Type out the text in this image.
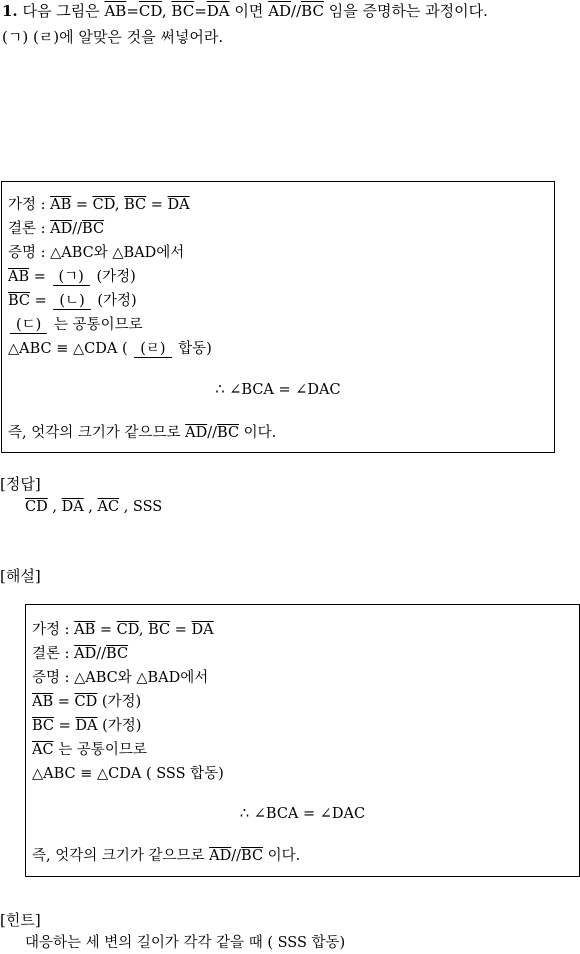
1. 다음 그림은 $\overline{AB}=\overline{CD}$, $\overline{BC}=\overline{DA}$ 이면 $\overline{AD}//\overline{BC}$ 임을 증명하는 과정이다.
(ㄱ) (ㄹ)에 알맞은 것을 써넣어라.
가정 : $\overline{AB} = \overline{CD}$, $\overline{BC} = \overline{DA}$
결론 : $\overline{AD}//\overline{BC}$
증명 : △ABC와 △BAD에서
$\overline{AB}$ = (ㄱ) (가정)
$\overline{BC}$ = (ㄴ) (가정)
(ㄷ) 는 공통이므로
△ABC ≡ △CDA ( (ㄹ) 합동)
∴ ∠BCA = ∠DAC
즉, 엇각의 크기가 같으므로 $\overline{AD}//\overline{BC}$ 이다.
[정답]
$\overline{CD}$ , $\overline{DA}$ , $\overline{AC}$ , SSS
[해설]
가정 : $\overline{AB} = \overline{CD}$, $\overline{BC} = \overline{DA}$
결론 : $\overline{AD}//\overline{BC}$
증명 : △ABC와 △BAD에서
$\overline{AB} = \overline{CD}$ (가정)
$\overline{BC} = \overline{DA}$ (가정)
$\overline{AC}$ 는 공통이므로
△ABC ≡ △CDA ( SSS 합동)
∴ ∠BCA = ∠DAC
즉, 엇각의 크기가 같으므로 $\overline{AD}//\overline{BC}$ 이다.
[힌트]
대응하는 세 변의 길이가 각각 같을 때 ( SSS 합동)
